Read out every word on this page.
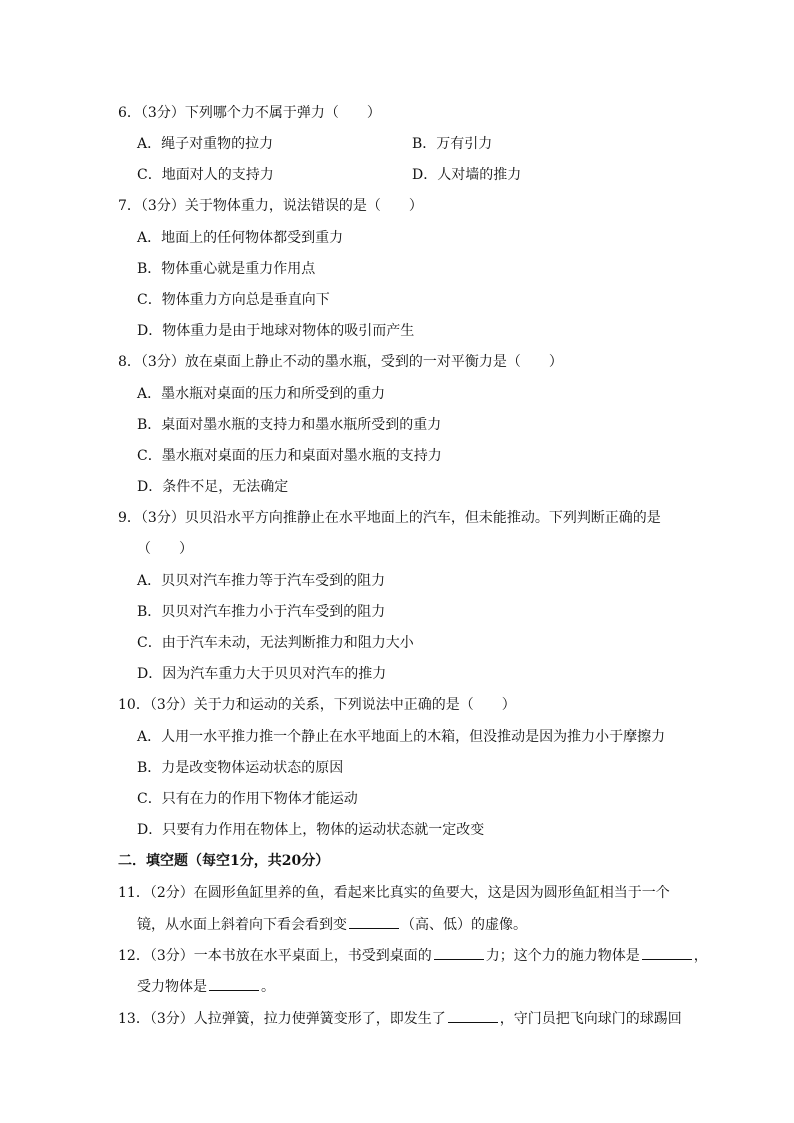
6．（3分）下列哪个力不属于弹力（　　）
A．绳子对重物的拉力	B．万有引力
C．地面对人的支持力	D．人对墙的推力
7．（3分）关于物体重力，说法错误的是（　　）
A．地面上的任何物体都受到重力
B．物体重心就是重力作用点
C．物体重力方向总是垂直向下
D．物体重力是由于地球对物体的吸引而产生
8．（3分）放在桌面上静止不动的墨水瓶，受到的一对平衡力是（　　）
A．墨水瓶对桌面的压力和所受到的重力
B．桌面对墨水瓶的支持力和墨水瓶所受到的重力
C．墨水瓶对桌面的压力和桌面对墨水瓶的支持力
D．条件不足，无法确定
9．（3分）贝贝沿水平方向推静止在水平地面上的汽车，但未能推动。下列判断正确的是
（　　）
A．贝贝对汽车推力等于汽车受到的阻力
B．贝贝对汽车推力小于汽车受到的阻力
C．由于汽车未动，无法判断推力和阻力大小
D．因为汽车重力大于贝贝对汽车的推力
10．（3分）关于力和运动的关系，下列说法中正确的是（　　）
A．人用一水平推力推一个静止在水平地面上的木箱，但没推动是因为推力小于摩擦力
B．力是改变物体运动状态的原因
C．只有在力的作用下物体才能运动
D．只要有力作用在物体上，物体的运动状态就一定改变
二．填空题（每空1分，共20分）
11．（2分）在圆形鱼缸里养的鱼，看起来比真实的鱼要大，这是因为圆形鱼缸相当于一个
镜，从水面上斜着向下看会看到变	（高、低）的虚像。
12．（3分）一本书放在水平桌面上，书受到桌面的	力；这个力的施力物体是	，
受力物体是	。
13．（3分）人拉弹簧，拉力使弹簧变形了，即发生了	，守门员把飞向球门的球踢回
